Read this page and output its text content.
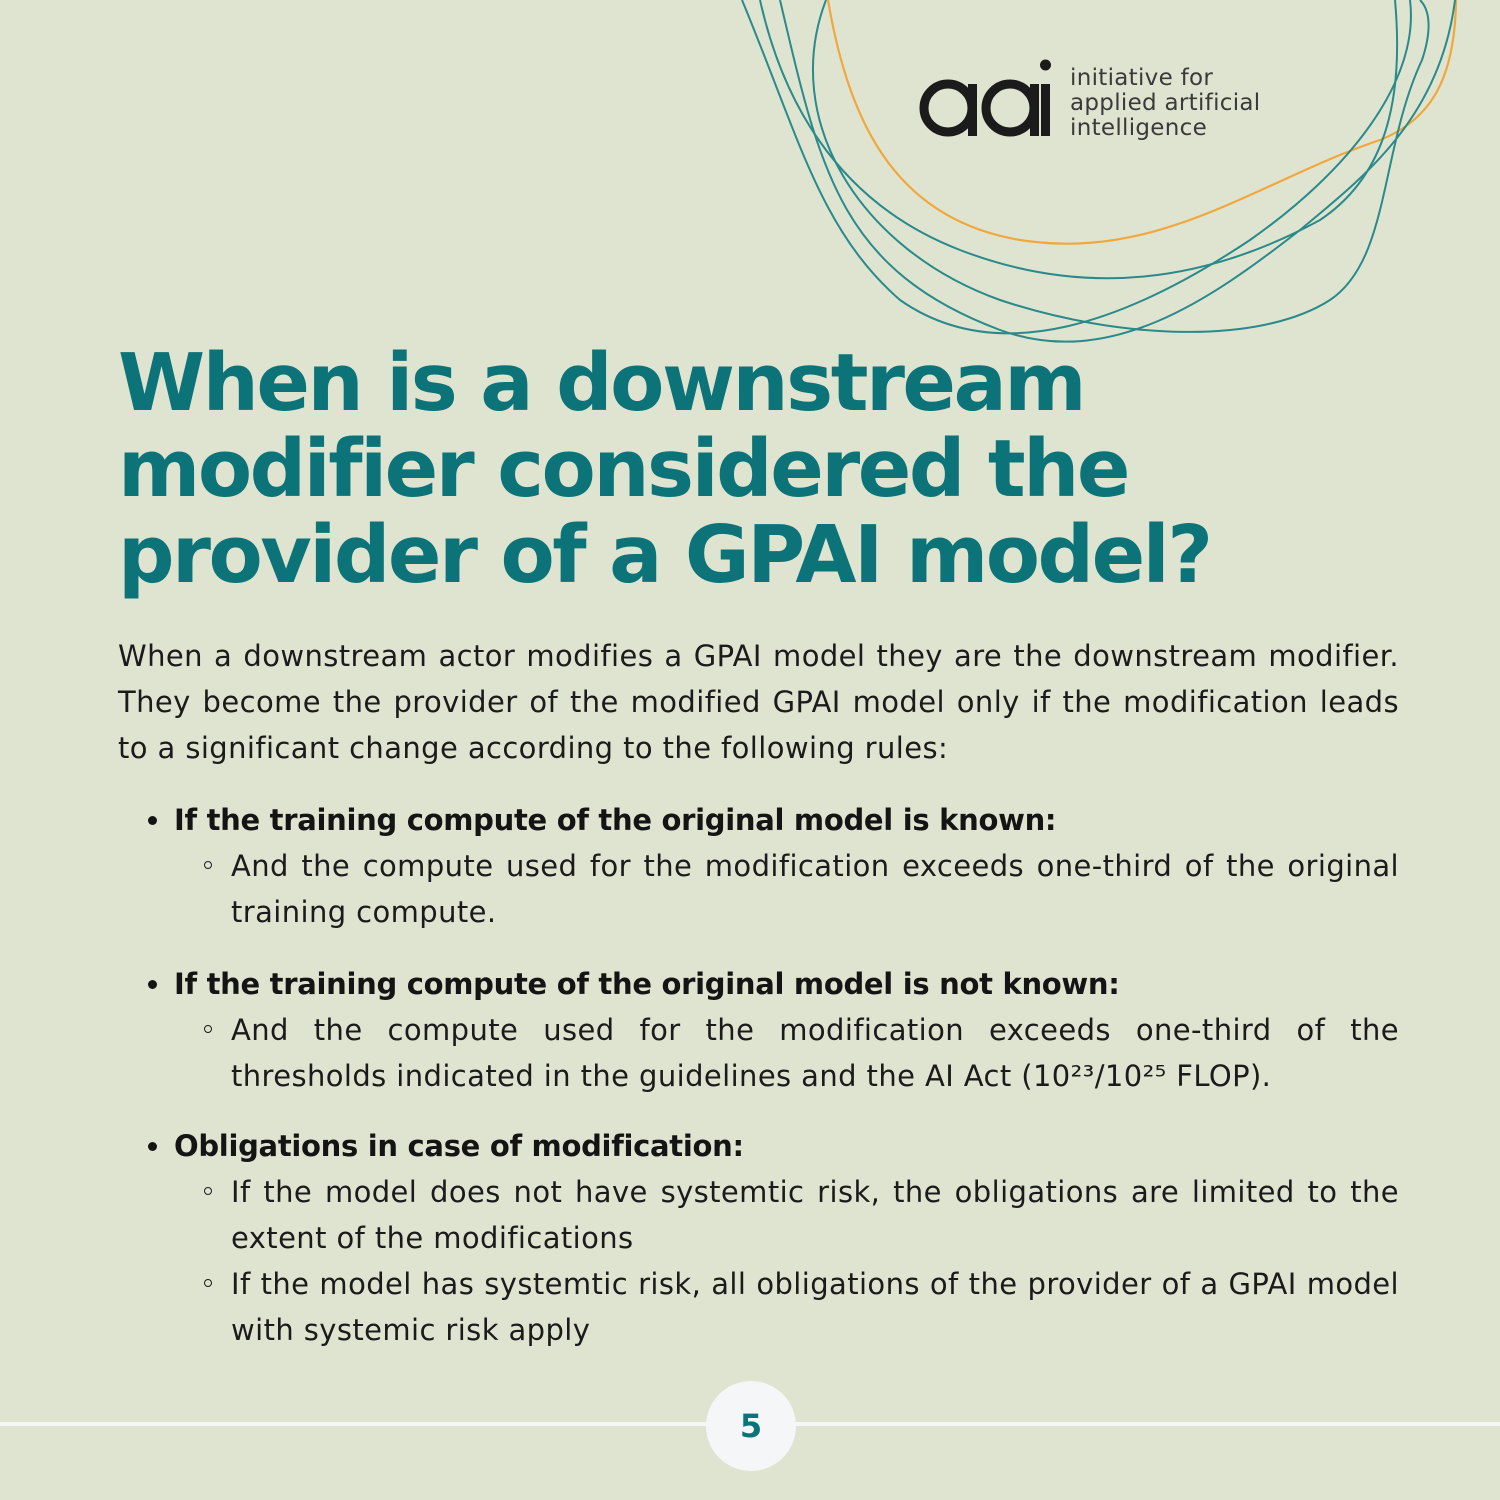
initiative for
applied artificial
intelligence
When is a downstream
modifier considered the
provider of a GPAI model?

When a downstream actor modifies a GPAI model they are the downstream modifier. They become the provider of the modified GPAI model only if the modification leads to a significant change according to the following rules:

If the training compute of the original model is known:
And the compute used for the modification exceeds one-third of the original training compute.
If the training compute of the original model is not known:
And the compute used for the modification exceeds one-third of the thresholds indicated in the guidelines and the AI Act (10²³/10²⁵ FLOP).
Obligations in case of modification:
If the model does not have systemtic risk, the obligations are limited to the extent of the modifications
If the model has systemtic risk, all obligations of the provider of a GPAI model with systemic risk apply
5
